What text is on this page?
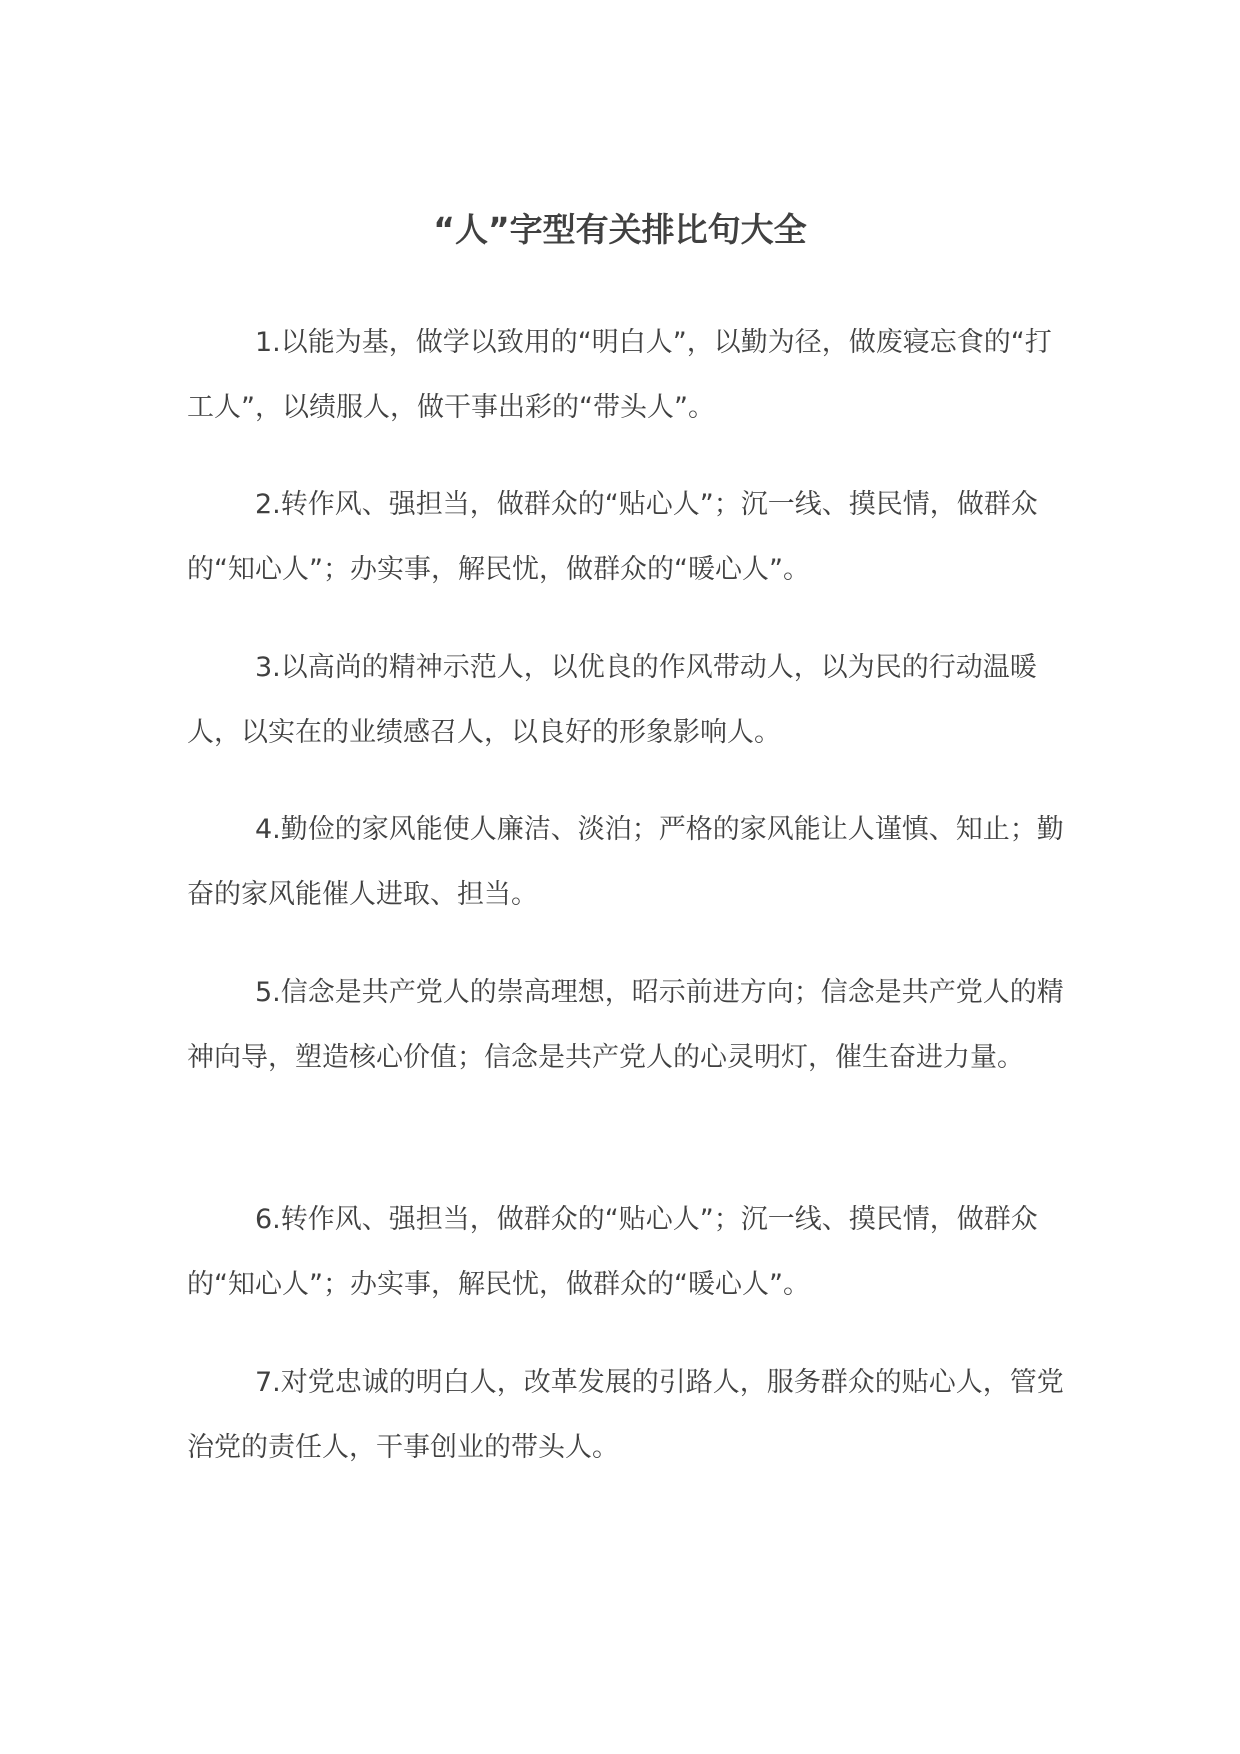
“人”字型有关排比句大全

1.以能为基，做学以致用的“明白人”，以勤为径，做废寝忘食的“打工人”，以绩服人，做干事出彩的“带头人”。

2.转作风、强担当，做群众的“贴心人”；沉一线、摸民情，做群众的“知心人”；办实事，解民忧，做群众的“暖心人”。

3.以高尚的精神示范人，以优良的作风带动人，以为民的行动温暖人，以实在的业绩感召人，以良好的形象影响人。

4.勤俭的家风能使人廉洁、淡泊；严格的家风能让人谨慎、知止；勤奋的家风能催人进取、担当。

5.信念是共产党人的崇高理想，昭示前进方向；信念是共产党人的精神向导，塑造核心价值；信念是共产党人的心灵明灯，催生奋进力量。

6.转作风、强担当，做群众的“贴心人”；沉一线、摸民情，做群众的“知心人”；办实事，解民忧，做群众的“暖心人”。

7.对党忠诚的明白人，改革发展的引路人，服务群众的贴心人，管党治党的责任人，干事创业的带头人。
